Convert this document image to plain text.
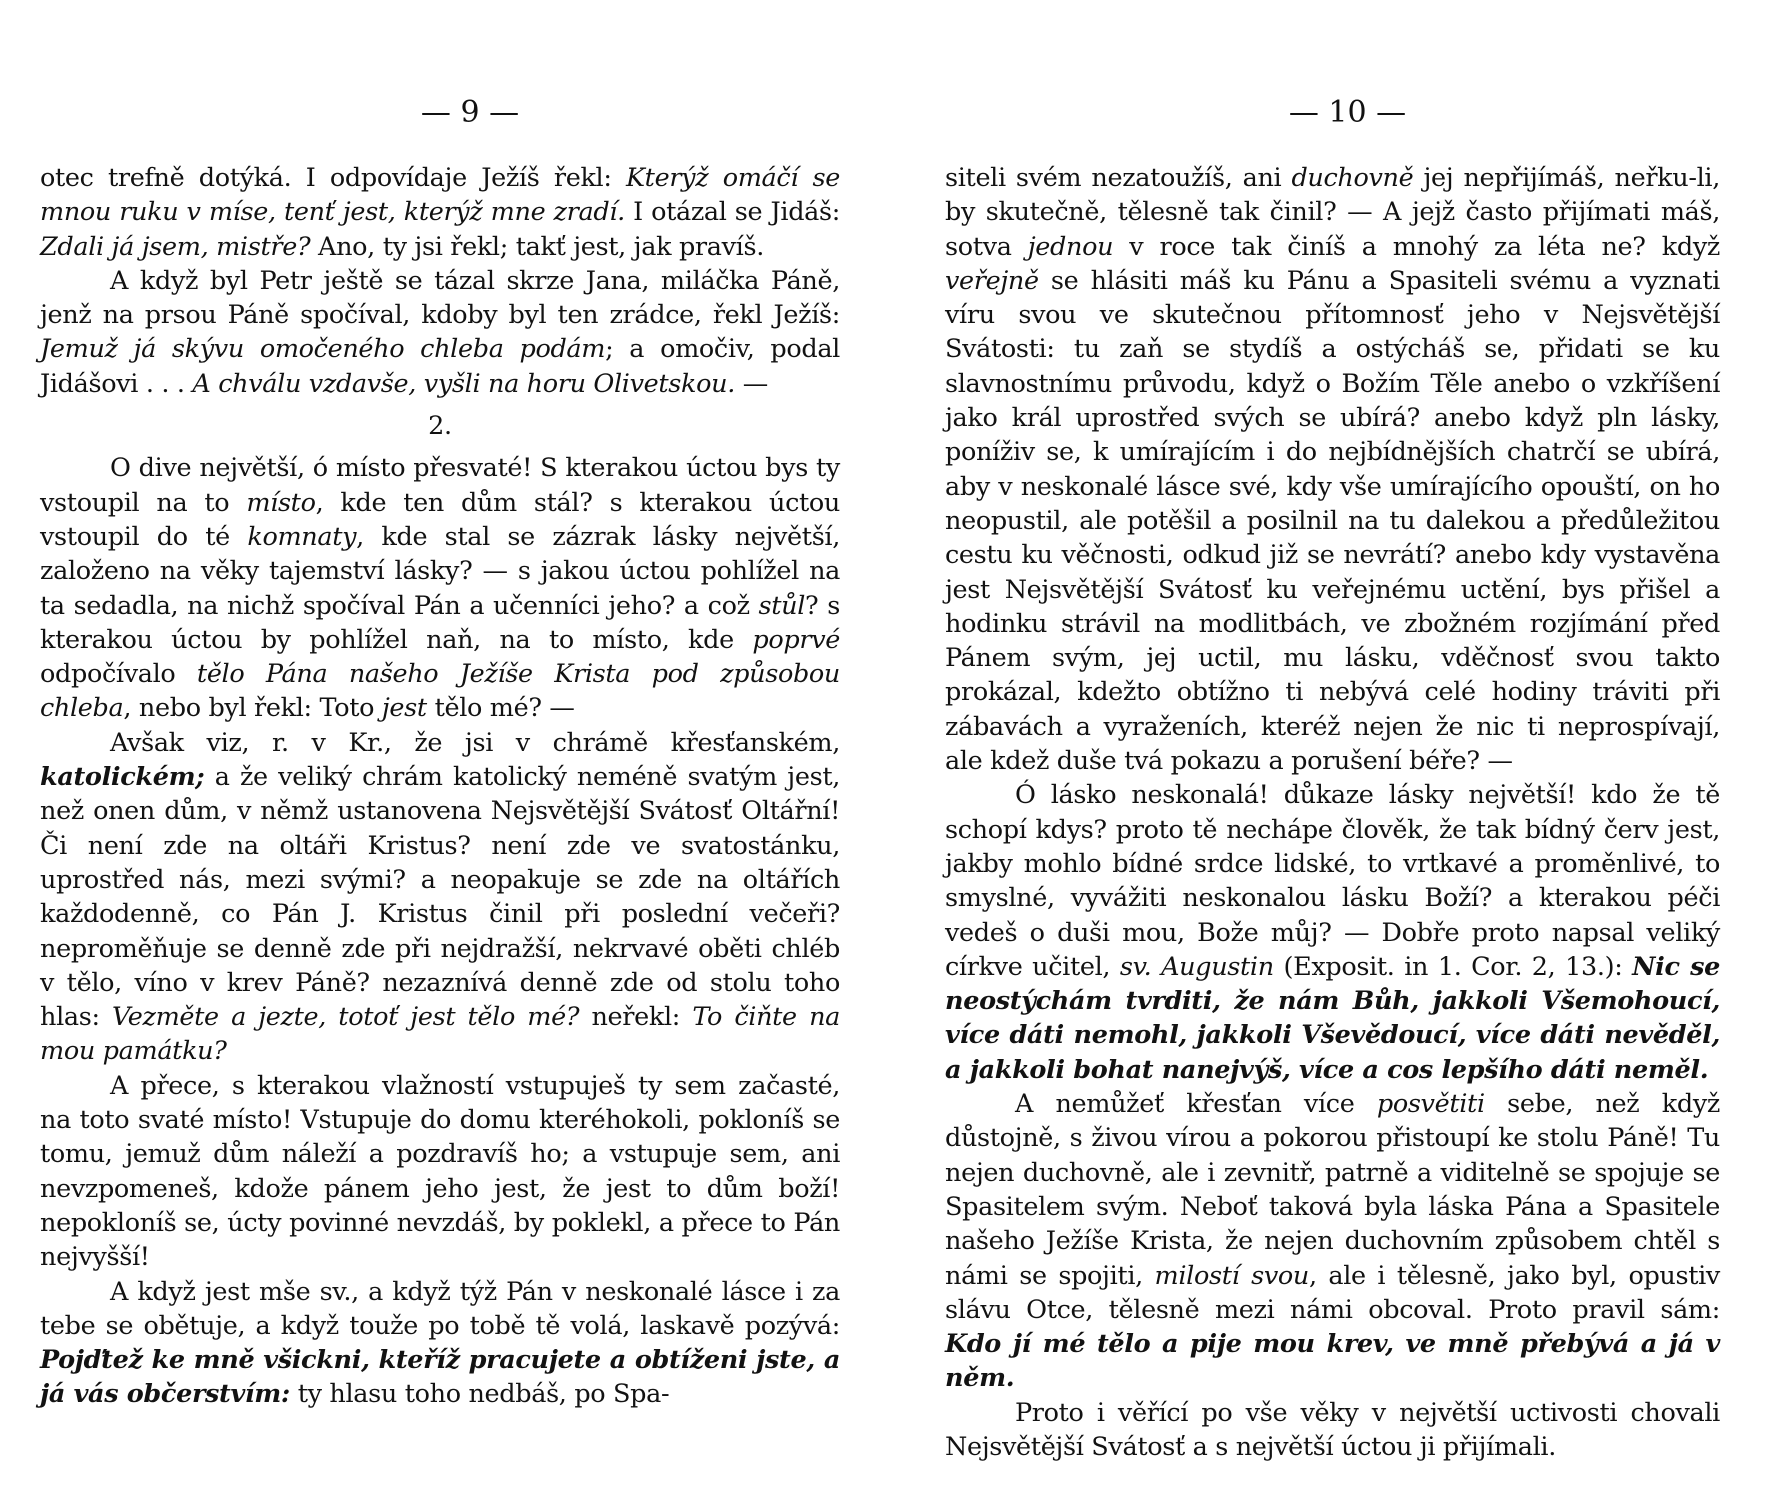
— 9 —

otec trefně dotýká. I odpovídaje Ježíš řekl: Kterýž omáčí se mnou ruku v míse, tenť jest, kterýž mne zradí. I otázal se Jidáš: Zdali já jsem, mistře? Ano, ty jsi řekl; takť jest, jak pravíš.

A když byl Petr ještě se tázal skrze Jana, miláčka Páně, jenž na prsou Páně spočíval, kdoby byl ten zrádce, řekl Ježíš: Jemuž já skývu omočeného chleba podám; a omočiv, podal Jidášovi . . . A chválu vzdavše, vyšli na horu Olivetskou. —

2.

O dive největší, ó místo přesvaté! S kterakou úctou bys ty vstoupil na to místo, kde ten dům stál? s kterakou úctou vstoupil do té komnaty, kde stal se zázrak lásky největší, založeno na věky tajemství lásky? — s jakou úctou pohlížel na ta sedadla, na nichž spočíval Pán a učenníci jeho? a což stůl? s kterakou úctou by pohlížel naň, na to místo, kde poprvé odpočívalo tělo Pána našeho Ježíše Krista pod způsobou chleba, nebo byl řekl: Toto jest tělo mé? —

Avšak viz, r. v Kr., že jsi v chrámě křesťanském, katolickém; a že veliký chrám katolický neméně svatým jest, než onen dům, v němž ustanovena Nejsvětější Svátosť Oltářní! Či není zde na oltáři Kristus? není zde ve svatostánku, uprostřed nás, mezi svými? a neopakuje se zde na oltářích každodenně, co Pán J. Kristus činil při poslední večeři? neproměňuje se denně zde při nejdražší, nekrvavé oběti chléb v tělo, víno v krev Páně? nezaznívá denně zde od stolu toho hlas: Vezměte a jezte, totoť jest tělo mé? neřekl: To čiňte na mou památku?

A přece, s kterakou vlažností vstupuješ ty sem začasté, na toto svaté místo! Vstupuje do domu kteréhokoli, pokloníš se tomu, jemuž dům náleží a pozdravíš ho; a vstupuje sem, ani nevzpomeneš, kdože pánem jeho jest, že jest to dům boží! nepokloníš se, úcty povinné nevzdáš, by poklekl, a přece to Pán nejvyšší!

A když jest mše sv., a když týž Pán v neskonalé lásce i za tebe se obětuje, a když touže po tobě tě volá, laskavě pozývá: Pojďtež ke mně všickni, kteříž pracujete a obtíženi jste, a já vás občerstvím: ty hlasu toho nedbáš, po Spa-

— 10 —

siteli svém nezatoužíš, ani duchovně jej nepřijímáš, neřku-li, by skutečně, tělesně tak činil? — A jejž často přijímati máš, sotva jednou v roce tak činíš a mnohý za léta ne? když veřejně se hlásiti máš ku Pánu a Spasiteli svému a vyznati víru svou ve skutečnou přítomnosť jeho v Nejsvětější Svátosti: tu zaň se stydíš a ostýcháš se, přidati se ku slavnostnímu průvodu, když o Božím Těle anebo o vzkříšení jako král uprostřed svých se ubírá? anebo když pln lásky, poníživ se, k umírajícím i do nejbídnějších chatrčí se ubírá, aby v neskonalé lásce své, kdy vše umírajícího opouští, on ho neopustil, ale potěšil a posilnil na tu dalekou a předůležitou cestu ku věčnosti, odkud již se nevrátí? anebo kdy vystavěna jest Nejsvětější Svátosť ku veřejnému uctění, bys přišel a hodinku strávil na modlitbách, ve zbožném rozjímání před Pánem svým, jej uctil, mu lásku, vděčnosť svou takto prokázal, kdežto obtížno ti nebývá celé hodiny tráviti při zábavách a vyraženích, kteréž nejen že nic ti neprospívají, ale kdež duše tvá pokazu a porušení béře? —

Ó lásko neskonalá! důkaze lásky největší! kdo že tě schopí kdys? proto tě nechápe člověk, že tak bídný červ jest, jakby mohlo bídné srdce lidské, to vrtkavé a proměnlivé, to smyslné, vyvážiti neskonalou lásku Boží? a kterakou péči vedeš o duši mou, Bože můj? — Dobře proto napsal veliký církve učitel, sv. Augustin (Exposit. in 1. Cor. 2, 13.): Nic se neostýchám tvrditi, že nám Bůh, jakkoli Všemohoucí, více dáti nemohl, jakkoli Vševědoucí, více dáti nevěděl, a jakkoli bohat nanejvýš, více a cos lepšího dáti neměl.

A nemůžeť křesťan více posvětiti sebe, než když důstojně, s živou vírou a pokorou přistoupí ke stolu Páně! Tu nejen duchovně, ale i zevnitř, patrně a viditelně se spojuje se Spasitelem svým. Neboť taková byla láska Pána a Spasitele našeho Ježíše Krista, že nejen duchovním způsobem chtěl s námi se spojiti, milostí svou, ale i tělesně, jako byl, opustiv slávu Otce, tělesně mezi námi obcoval. Proto pravil sám: Kdo jí mé tělo a pije mou krev, ve mně přebývá a já v něm.

Proto i věřící po vše věky v největší uctivosti chovali Nejsvětější Svátosť a s největší úctou ji přijímali.
